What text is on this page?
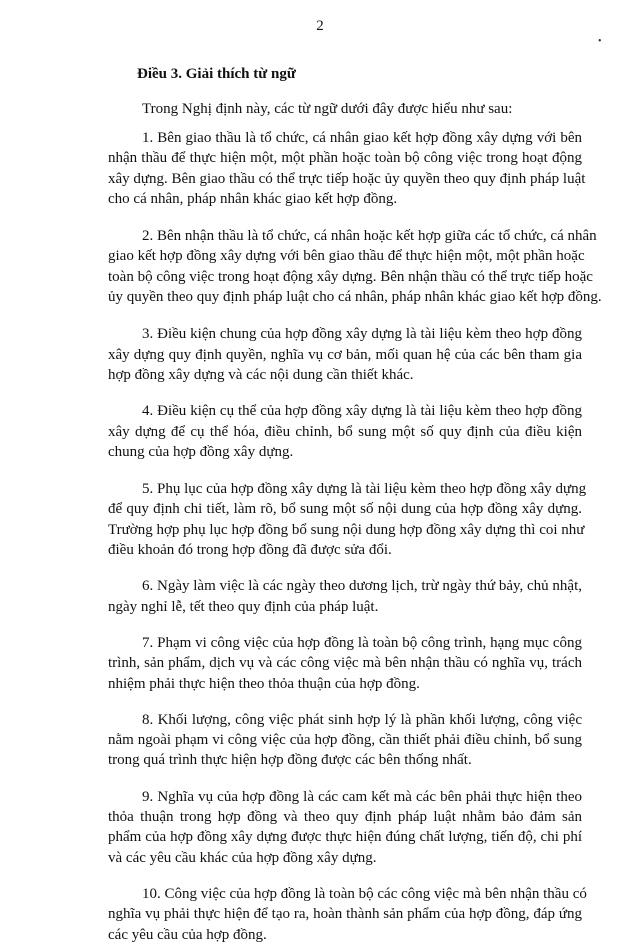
2
Điều 3. Giải thích từ ngữ
Trong Nghị định này, các từ ngữ dưới đây được hiểu như sau:
1. Bên giao thầu là tổ chức, cá nhân giao kết hợp đồng xây dựng với bên
nhận thầu để thực hiện một, một phần hoặc toàn bộ công việc trong hoạt động
xây dựng. Bên giao thầu có thể trực tiếp hoặc ủy quyền theo quy định pháp luật
cho cá nhân, pháp nhân khác giao kết hợp đồng.
2. Bên nhận thầu là tổ chức, cá nhân hoặc kết hợp giữa các tổ chức, cá nhân
giao kết hợp đồng xây dựng với bên giao thầu để thực hiện một, một phần hoặc
toàn bộ công việc trong hoạt động xây dựng. Bên nhận thầu có thể trực tiếp hoặc
ủy quyền theo quy định pháp luật cho cá nhân, pháp nhân khác giao kết hợp đồng.
3. Điều kiện chung của hợp đồng xây dựng là tài liệu kèm theo hợp đồng
xây dựng quy định quyền, nghĩa vụ cơ bản, mối quan hệ của các bên tham gia
hợp đồng xây dựng và các nội dung cần thiết khác.
4. Điều kiện cụ thể của hợp đồng xây dựng là tài liệu kèm theo hợp đồng
xây dựng để cụ thể hóa, điều chỉnh, bổ sung một số quy định của điều kiện
chung của hợp đồng xây dựng.
5. Phụ lục của hợp đồng xây dựng là tài liệu kèm theo hợp đồng xây dựng
để quy định chi tiết, làm rõ, bổ sung một số nội dung của hợp đồng xây dựng.
Trường hợp phụ lục hợp đồng bổ sung nội dung hợp đồng xây dựng thì coi như
điều khoản đó trong hợp đồng đã được sửa đổi.
6. Ngày làm việc là các ngày theo dương lịch, trừ ngày thứ bảy, chủ nhật,
ngày nghỉ lễ, tết theo quy định của pháp luật.
7. Phạm vi công việc của hợp đồng là toàn bộ công trình, hạng mục công
trình, sản phẩm, dịch vụ và các công việc mà bên nhận thầu có nghĩa vụ, trách
nhiệm phải thực hiện theo thỏa thuận của hợp đồng.
8. Khối lượng, công việc phát sinh hợp lý là phần khối lượng, công việc
nằm ngoài phạm vi công việc của hợp đồng, cần thiết phải điều chỉnh, bổ sung
trong quá trình thực hiện hợp đồng được các bên thống nhất.
9. Nghĩa vụ của hợp đồng là các cam kết mà các bên phải thực hiện theo
thỏa thuận trong hợp đồng và theo quy định pháp luật nhằm bảo đảm sản
phẩm của hợp đồng xây dựng được thực hiện đúng chất lượng, tiến độ, chi phí
và các yêu cầu khác của hợp đồng xây dựng.
10. Công việc của hợp đồng là toàn bộ các công việc mà bên nhận thầu có
nghĩa vụ phải thực hiện để tạo ra, hoàn thành sản phẩm của hợp đồng, đáp ứng
các yêu cầu của hợp đồng.
•
